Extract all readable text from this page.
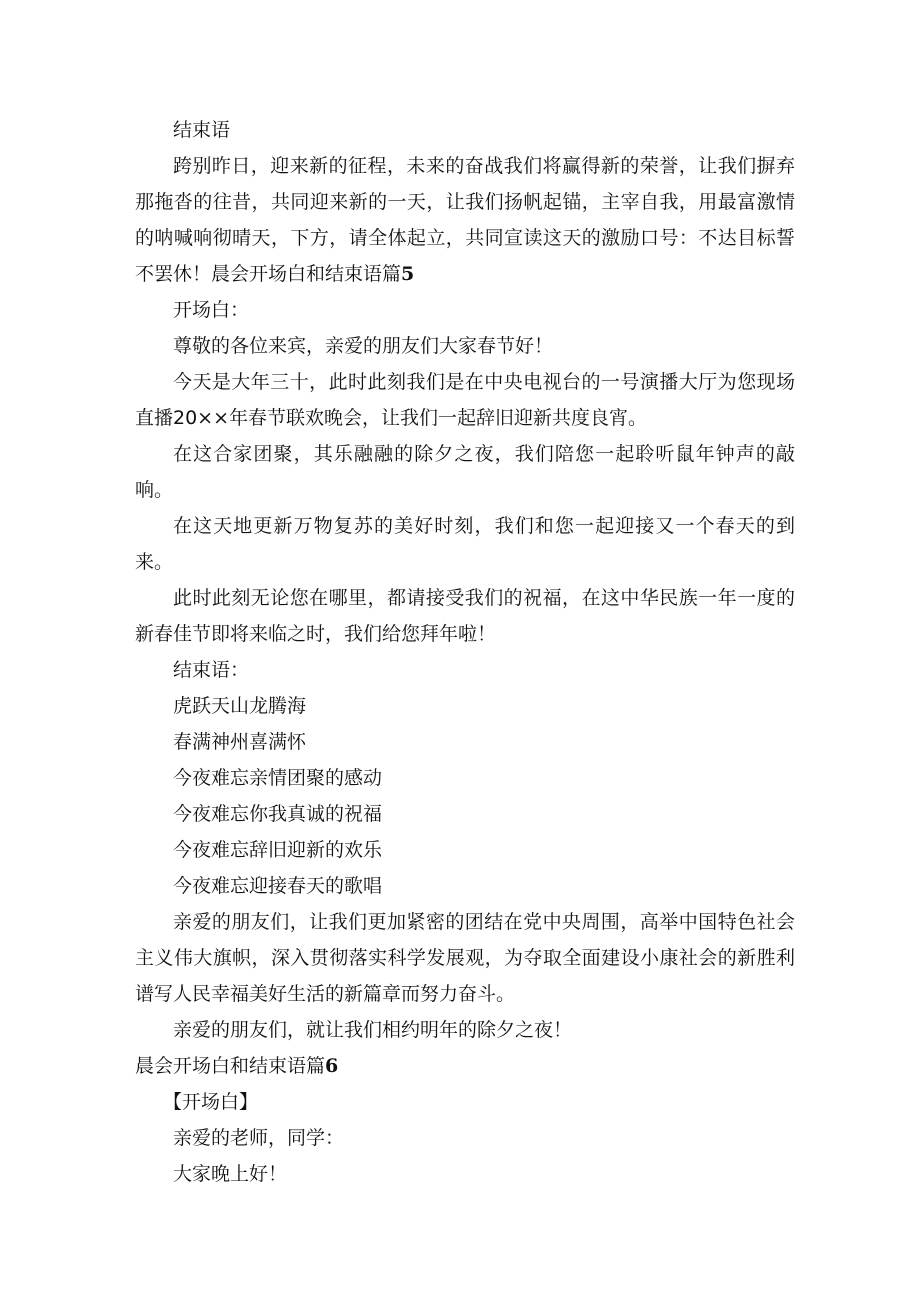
结束语

跨别昨日，迎来新的征程，未来的奋战我们将赢得新的荣誉，让我们摒弃那拖沓的往昔，共同迎来新的一天，让我们扬帆起锚，主宰自我，用最富激情的呐喊响彻晴天，下方，请全体起立，共同宣读这天的激励口号：不达目标誓不罢休！晨会开场白和结束语篇5

开场白：

尊敬的各位来宾，亲爱的朋友们大家春节好！

今天是大年三十，此时此刻我们是在中央电视台的一号演播大厅为您现场直播20××年春节联欢晚会，让我们一起辞旧迎新共度良宵。

在这合家团聚，其乐融融的除夕之夜，我们陪您一起聆听鼠年钟声的敲响。

在这天地更新万物复苏的美好时刻，我们和您一起迎接又一个春天的到来。

此时此刻无论您在哪里，都请接受我们的祝福，在这中华民族一年一度的新春佳节即将来临之时，我们给您拜年啦！

结束语：

虎跃天山龙腾海

春满神州喜满怀

今夜难忘亲情团聚的感动

今夜难忘你我真诚的祝福

今夜难忘辞旧迎新的欢乐

今夜难忘迎接春天的歌唱

亲爱的朋友们，让我们更加紧密的团结在党中央周围，高举中国特色社会主义伟大旗帜，深入贯彻落实科学发展观，为夺取全面建设小康社会的新胜利谱写人民幸福美好生活的新篇章而努力奋斗。

亲爱的朋友们，就让我们相约明年的除夕之夜！

晨会开场白和结束语篇6

【开场白】

亲爱的老师，同学：

大家晚上好！
